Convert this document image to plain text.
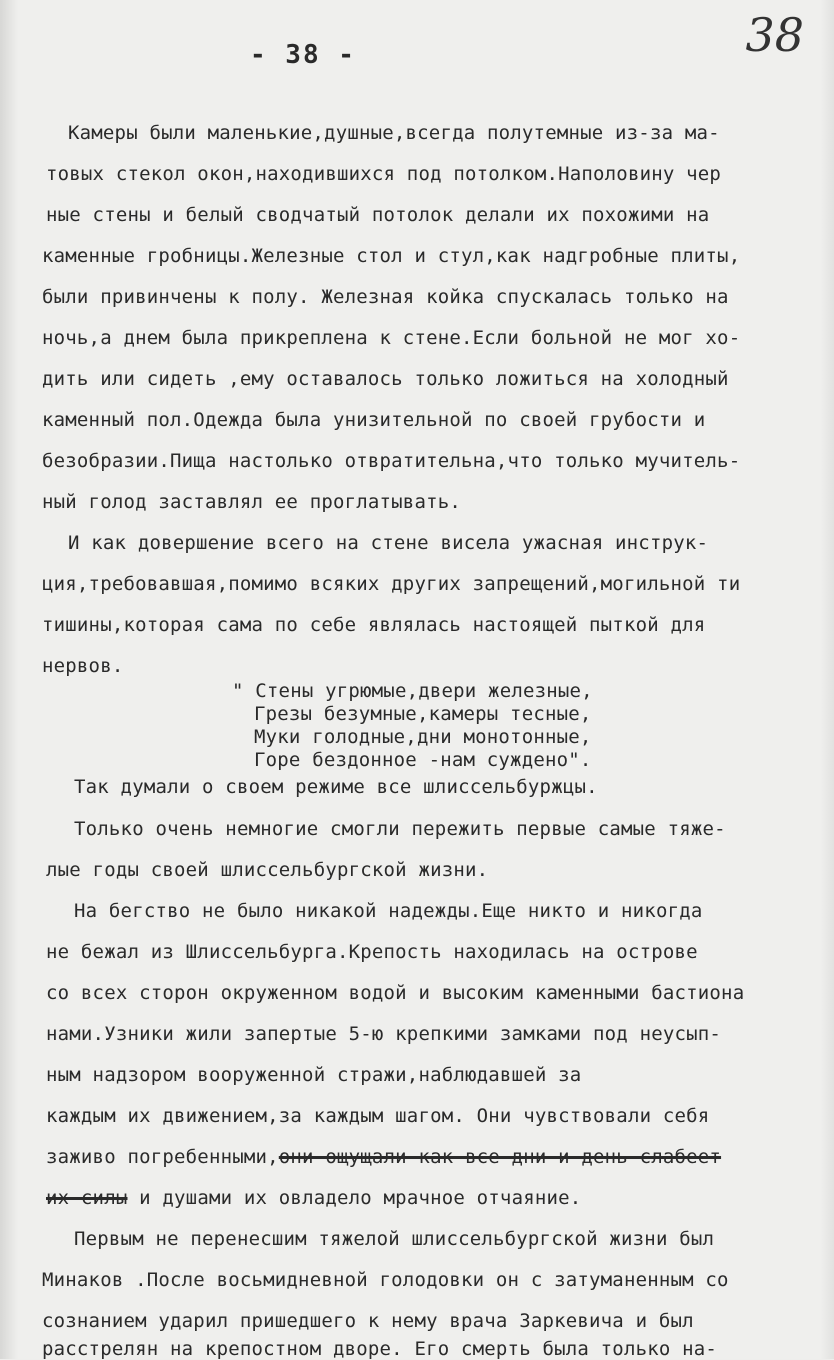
- 38 -	38
Камеры были маленькие,душные,всегда полутемные из-за ма-
товых стекол окон,находившихся под потолком.Наполовину чер
ные стены и белый сводчатый потолок делали их похожими на
каменные гробницы.Железные стол и стул,как надгробные плиты,
были привинчены к полу. Железная койка спускалась только на
ночь,а днем была прикреплена к стене.Если больной не мог хо-
дить или сидеть ,ему оставалось только ложиться на холодный
каменный пол.Одежда была унизительной по своей грубости и
безобразии.Пища настолько отвратительна,что только мучитель-
ный голод заставлял ее проглатывать.
И как довершение всего на стене висела ужасная инструк-
ция,требовавшая,помимо всяких других запрещений,могильной ти
тишины,которая сама по себе являлась настоящей пыткой для
нервов.
" Стены угрюмые,двери железные,
Грезы безумные,камеры тесные,
Муки голодные,дни монотонные,
Горе бездонное -нам суждено".
Так думали о своем режиме все шлиссельбуржцы.
Только очень немногие смогли пережить первые самые тяже-
лые годы своей шлиссельбургской жизни.
На бегство не было никакой надежды.Еще никто и никогда
не бежал из Шлиссельбурга.Крепость находилась на острове
со всех сторон окруженном водой и высоким каменными бастиона
нами.Узники жили запертые 5-ю крепкими замками под неусып-
ным надзором вооруженной стражи,наблюдавшей за
каждым их движением,за каждым шагом. Они чувствовали себя
заживо погребенными,они ощущали как все дни и день слабеет
их силы и душами их овладело мрачное отчаяние.
Первым не перенесшим тяжелой шлиссельбургской жизни был
Минаков .После восьмидневной голодовки он с затуманенным со
сознанием ударил пришедшего к нему врача Заркевича и был
расстрелян на крепостном дворе. Его смерть была только на-
